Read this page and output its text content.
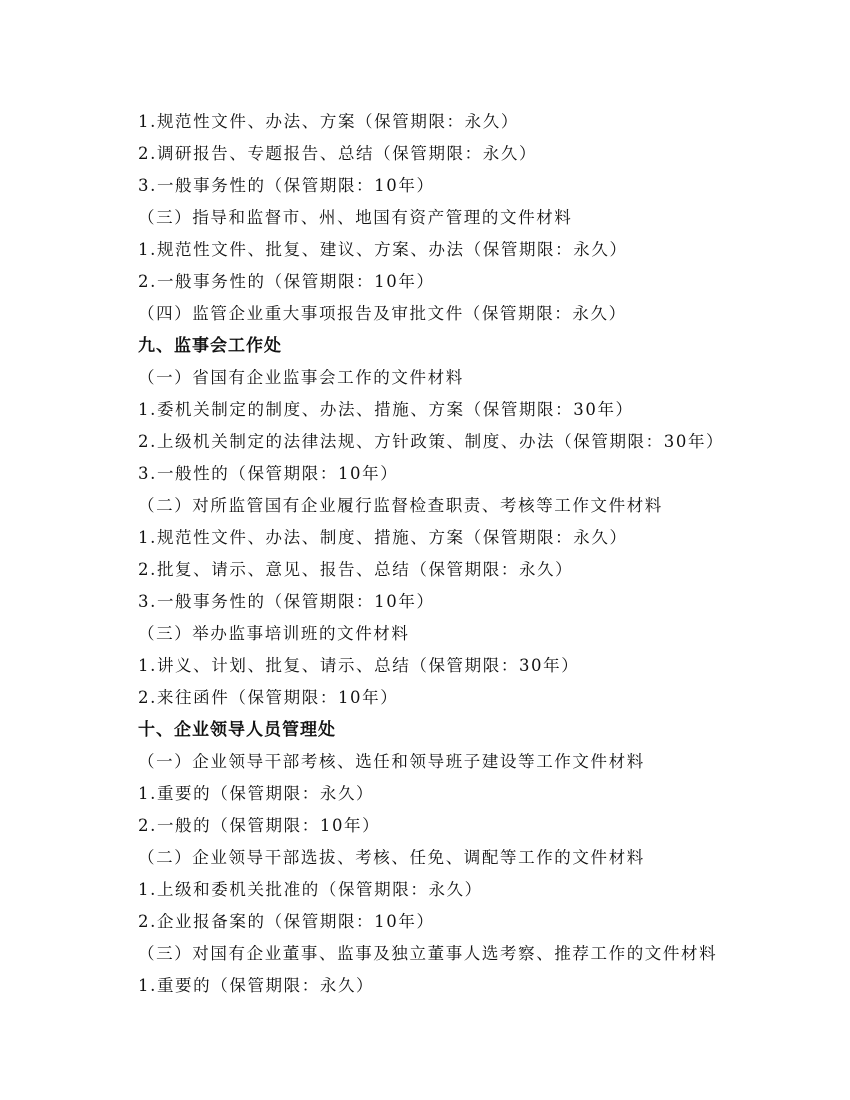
1.规范性文件、办法、方案（保管期限：永久）
2.调研报告、专题报告、总结（保管期限：永久）
3.一般事务性的（保管期限：10年）
（三）指导和监督市、州、地国有资产管理的文件材料
1.规范性文件、批复、建议、方案、办法（保管期限：永久）
2.一般事务性的（保管期限：10年）
（四）监管企业重大事项报告及审批文件（保管期限：永久）
九、监事会工作处
（一）省国有企业监事会工作的文件材料
1.委机关制定的制度、办法、措施、方案（保管期限：30年）
2.上级机关制定的法律法规、方针政策、制度、办法（保管期限：30年）
3.一般性的（保管期限：10年）
（二）对所监管国有企业履行监督检查职责、考核等工作文件材料
1.规范性文件、办法、制度、措施、方案（保管期限：永久）
2.批复、请示、意见、报告、总结（保管期限：永久）
3.一般事务性的（保管期限：10年）
（三）举办监事培训班的文件材料
1.讲义、计划、批复、请示、总结（保管期限：30年）
2.来往函件（保管期限：10年）
十、企业领导人员管理处
（一）企业领导干部考核、选任和领导班子建设等工作文件材料
1.重要的（保管期限：永久）
2.一般的（保管期限：10年）
（二）企业领导干部选拔、考核、任免、调配等工作的文件材料
1.上级和委机关批准的（保管期限：永久）
2.企业报备案的（保管期限：10年）
（三）对国有企业董事、监事及独立董事人选考察、推荐工作的文件材料
1.重要的（保管期限：永久）
